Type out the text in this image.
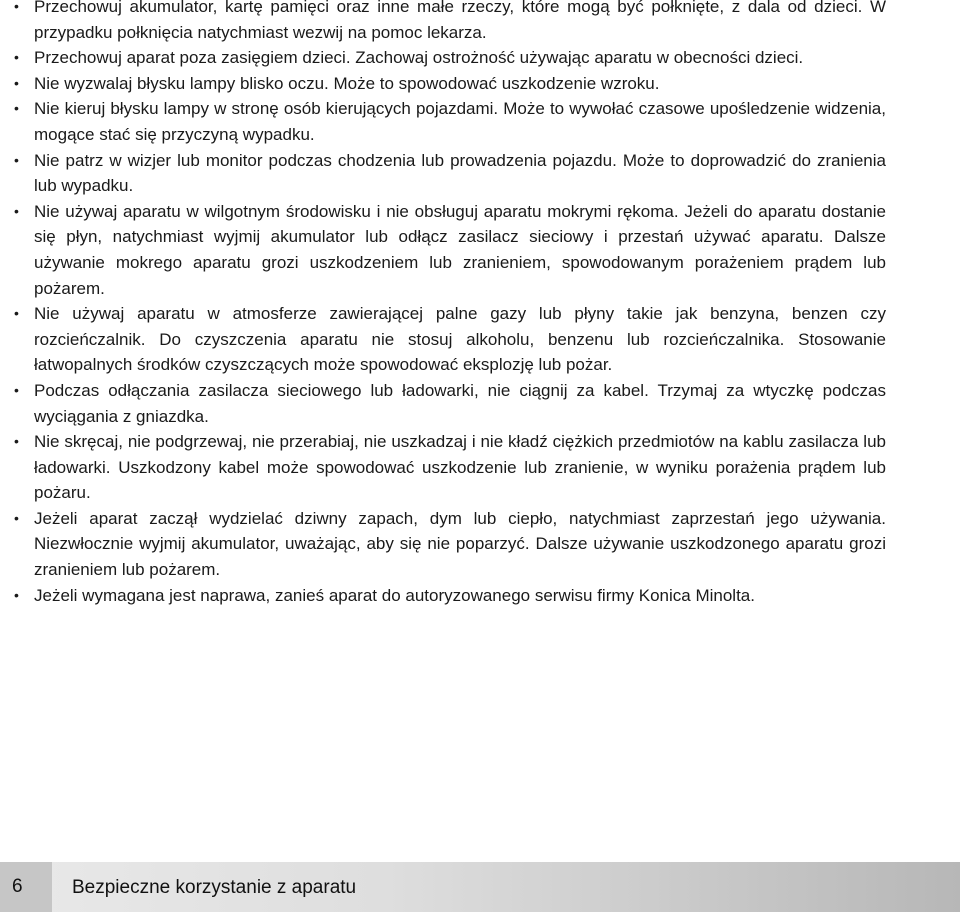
• Przechowuj akumulator, kartę pamięci oraz inne małe rzeczy, które mogą być połknięte, z dala od dzieci. W przypadku połknięcia natychmiast wezwij na pomoc lekarza.
• Przechowuj aparat poza zasięgiem dzieci. Zachowaj ostrożność używając aparatu w obecności dzieci.
• Nie wyzwalaj błysku lampy blisko oczu. Może to spowodować uszkodzenie wzroku.
• Nie kieruj błysku lampy w stronę osób kierujących pojazdami. Może to wywołać czasowe upośledzenie widzenia, mogące stać się przyczyną wypadku.
• Nie patrz w wizjer lub monitor podczas chodzenia lub prowadzenia pojazdu. Może to doprowadzić do zranienia lub wypadku.
• Nie używaj aparatu w wilgotnym środowisku i nie obsługuj aparatu mokrymi rękoma. Jeżeli do aparatu dostanie się płyn, natychmiast wyjmij akumulator lub odłącz zasilacz sieciowy i przestań używać aparatu. Dalsze używanie mokrego aparatu grozi uszkodzeniem lub zranieniem, spowodowanym porażeniem prądem lub pożarem.
• Nie używaj aparatu w atmosferze zawierającej palne gazy lub płyny takie jak benzyna, benzen czy rozcieńczalnik. Do czyszczenia aparatu nie stosuj alkoholu, benzenu lub rozcieńczalnika. Stosowanie łatwopalnych środków czyszczących może spowodować eksplozję lub pożar.
• Podczas odłączania zasilacza sieciowego lub ładowarki, nie ciągnij za kabel. Trzymaj za wtyczkę podczas wyciągania z gniazdka.
• Nie skręcaj, nie podgrzewaj, nie przerabiaj, nie uszkadzaj i nie kładź ciężkich przedmiotów na kablu zasilacza lub ładowarki. Uszkodzony kabel może spowodować uszkodzenie lub zranienie, w wyniku porażenia prądem lub pożaru.
• Jeżeli aparat zaczął wydzielać dziwny zapach, dym lub ciepło, natychmiast zaprzestań jego używania. Niezwłocznie wyjmij akumulator, uważając, aby się nie poparzyć. Dalsze używanie uszkodzonego aparatu grozi zranieniem lub pożarem.
• Jeżeli wymagana jest naprawa, zanieś aparat do autoryzowanego serwisu firmy Konica Minolta.
6	Bezpieczne korzystanie z aparatu
